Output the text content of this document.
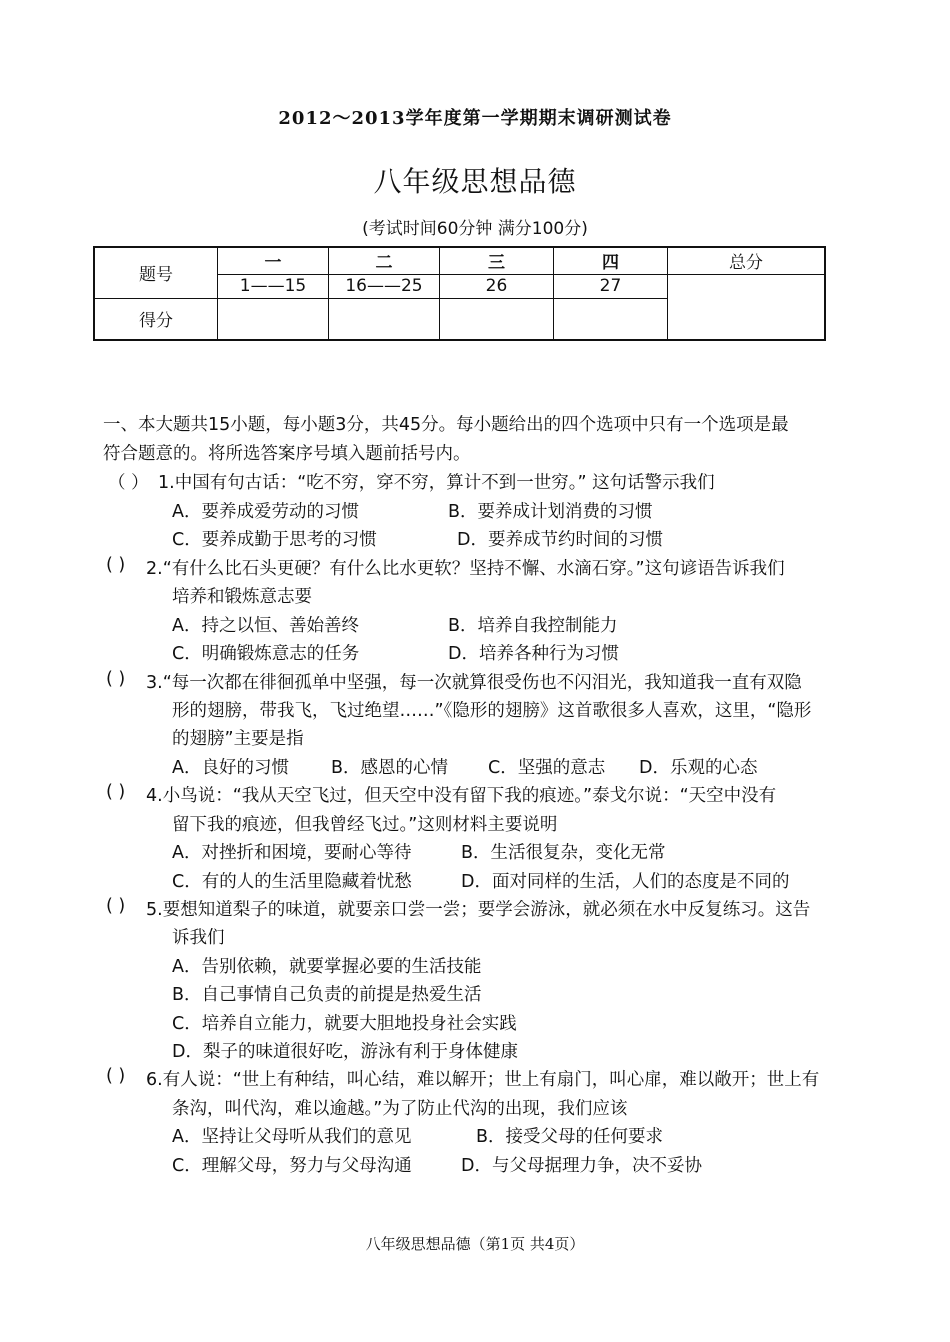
2012～2013学年度第一学期期末调研测试卷
八年级思想品德
(考试时间60分钟 满分100分)
题号	一	二	三	四	总分
	1——15	16——25	26	27	
得分					
一、本大题共15小题，每小题3分，共45分。每小题给出的四个选项中只有一个选项是最
符合题意的。将所选答案序号填入题前括号内。
（ ） 1.中国有句古话：“吃不穷，穿不穷，算计不到一世穷。” 这句话警示我们
A．要养成爱劳动的习惯	B．要养成计划消费的习惯
C．要养成勤于思考的习惯	D．要养成节约时间的习惯
( ) 2.“有什么比石头更硬？有什么比水更软？坚持不懈、水滴石穿。”这句谚语告诉我们
培养和锻炼意志要
A．持之以恒、善始善终	B．培养自我控制能力
C．明确锻炼意志的任务	D．培养各种行为习惯
( ) 3.“每一次都在徘徊孤单中坚强，每一次就算很受伤也不闪泪光，我知道我一直有双隐
形的翅膀，带我飞，飞过绝望……”《隐形的翅膀》这首歌很多人喜欢，这里，“隐形
的翅膀”主要是指
A．良好的习惯 B．感恩的心情 C．坚强的意志 D．乐观的心态
( ) 4.小鸟说：“我从天空飞过，但天空中没有留下我的痕迹。”泰戈尔说：“天空中没有
留下我的痕迹，但我曾经飞过。”这则材料主要说明
A．对挫折和困境，要耐心等待	B．生活很复杂，变化无常
C．有的人的生活里隐藏着忧愁	D．面对同样的生活，人们的态度是不同的
( ) 5.要想知道梨子的味道，就要亲口尝一尝；要学会游泳，就必须在水中反复练习。这告
诉我们
A．告别依赖，就要掌握必要的生活技能
B．自己事情自己负责的前提是热爱生活
C．培养自立能力，就要大胆地投身社会实践
D．梨子的味道很好吃，游泳有利于身体健康
( ) 6.有人说：“世上有种结，叫心结，难以解开；世上有扇门，叫心扉，难以敞开；世上有
条沟，叫代沟，难以逾越。”为了防止代沟的出现，我们应该
A．坚持让父母听从我们的意见	B．接受父母的任何要求
C．理解父母，努力与父母沟通	D．与父母据理力争，决不妥协
八年级思想品德（第1页 共4页）
